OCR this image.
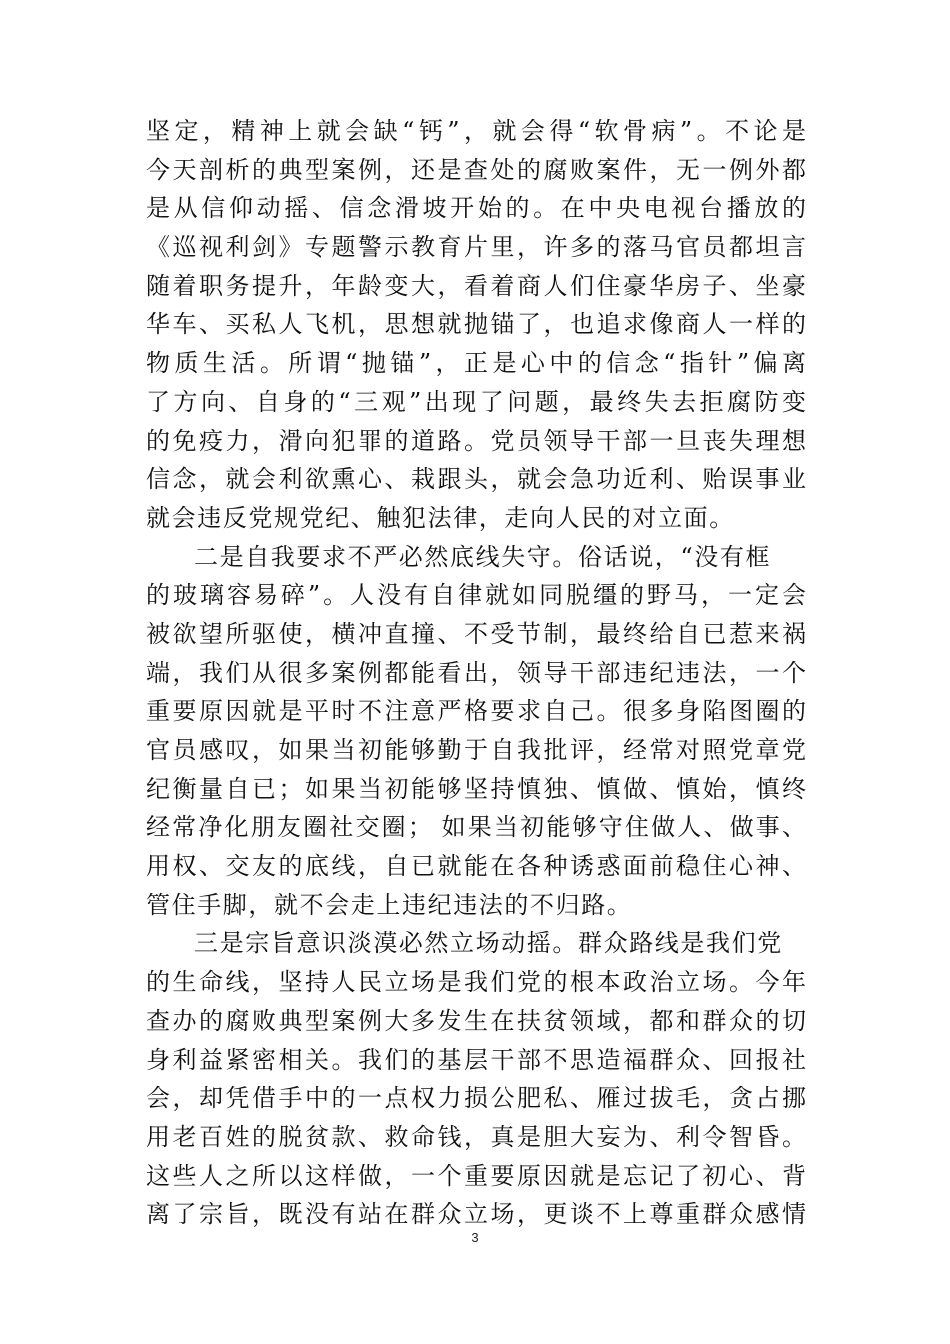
坚定，精神上就会缺“钙”，就会得“软骨病”。不论是
今天剖析的典型案例，还是查处的腐败案件，无一例外都
是从信仰动摇、信念滑坡开始的。在中央电视台播放的
《巡视利剑》专题警示教育片里，许多的落马官员都坦言
随着职务提升，年龄变大，看着商人们住豪华房子、坐豪
华车、买私人飞机，思想就抛锚了，也追求像商人一样的
物质生活。所谓“抛锚”，正是心中的信念“指针”偏离
了方向、自身的“三观”出现了问题，最终失去拒腐防变
的免疫力，滑向犯罪的道路。党员领导干部一旦丧失理想
信念，就会利欲熏心、栽跟头，就会急功近利、贻误事业
就会违反党规党纪、触犯法律，走向人民的对立面。
二是自我要求不严必然底线失守。俗话说，“没有框
的玻璃容易碎”。人没有自律就如同脱缰的野马，一定会
被欲望所驱使，横冲直撞、不受节制，最终给自已惹来祸
端，我们从很多案例都能看出，领导干部违纪违法，一个
重要原因就是平时不注意严格要求自己。很多身陷图圈的
官员感叹，如果当初能够勤于自我批评，经常对照党章党
纪衡量自已；如果当初能够坚持慎独、慎做、慎始，慎终
经常净化朋友圈社交圈； 如果当初能够守住做人、做事、
用权、交友的底线，自已就能在各种诱惑面前稳住心神、
管住手脚，就不会走上违纪违法的不归路。
三是宗旨意识淡漠必然立场动摇。群众路线是我们党
的生命线，坚持人民立场是我们党的根本政治立场。今年
查办的腐败典型案例大多发生在扶贫领域，都和群众的切
身利益紧密相关。我们的基层干部不思造福群众、回报社
会，却凭借手中的一点权力损公肥私、雁过拔毛，贪占挪
用老百姓的脱贫款、救命钱，真是胆大妄为、利令智昏。
这些人之所以这样做，一个重要原因就是忘记了初心、背
离了宗旨，既没有站在群众立场，更谈不上尊重群众感情
3
